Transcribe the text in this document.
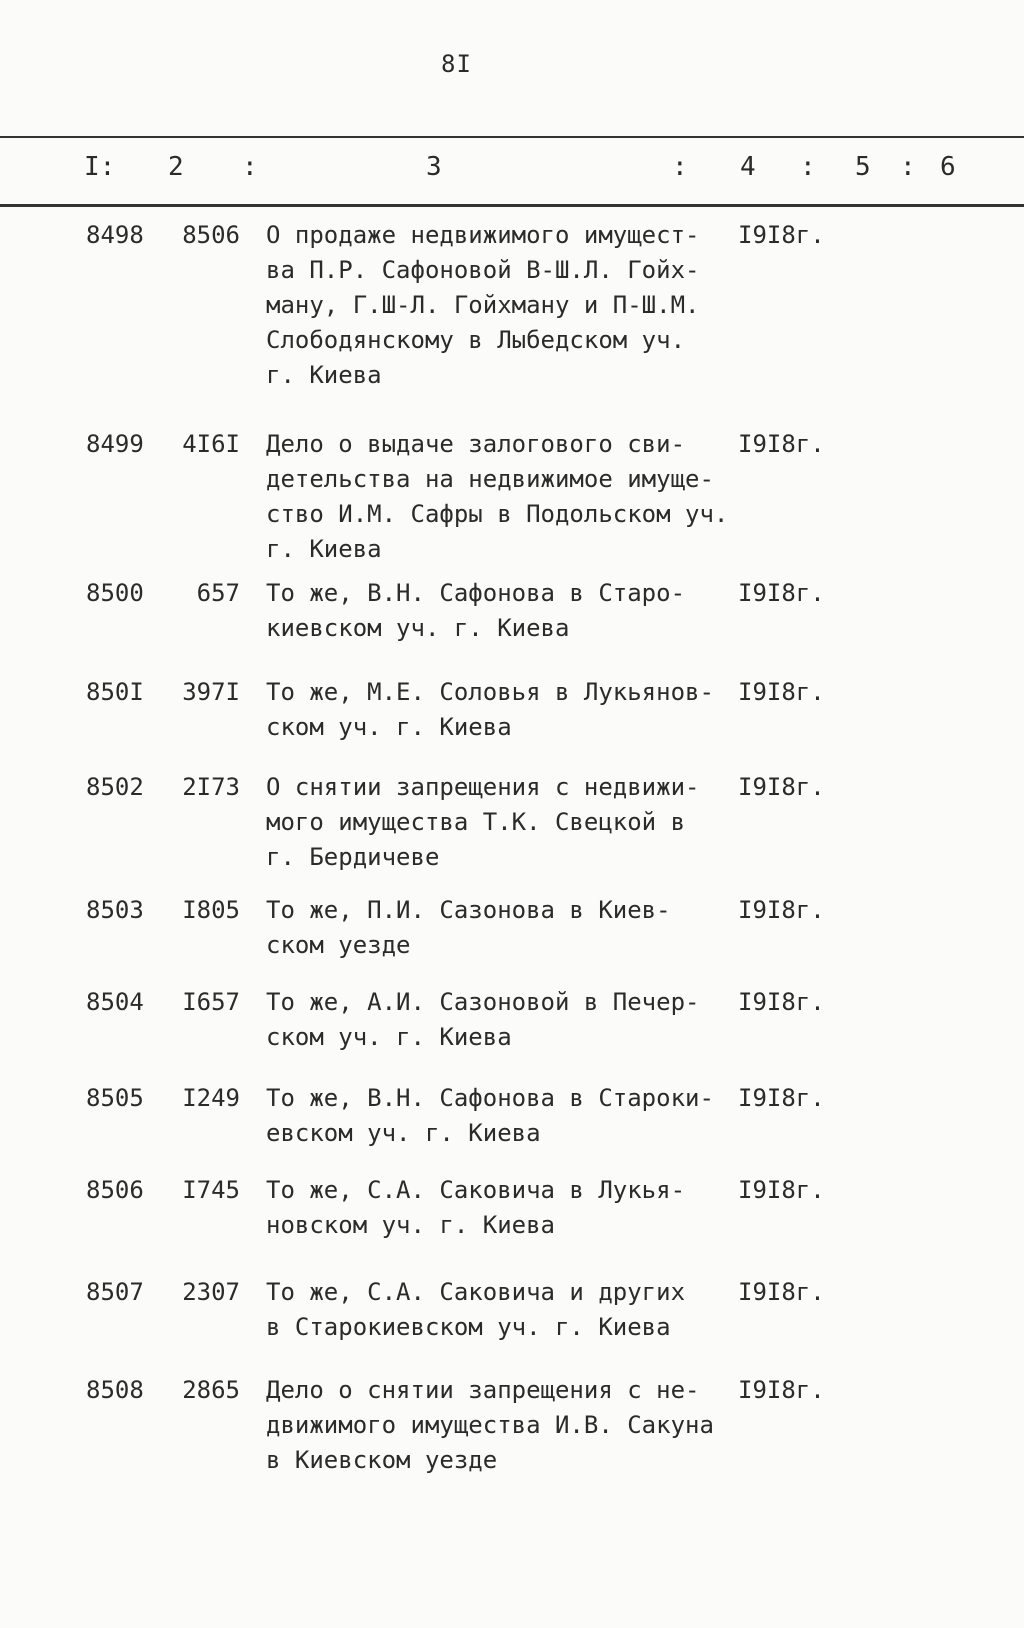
8I
I: 2 :	3	: 4 : 5 : 6
8498	8506 О продаже недвижимого имущест-
ва П.Р. Сафоновой В-Ш.Л. Гойх-
ману, Г.Ш-Л. Гойхману и П-Ш.М.
Слободянскому в Лыбедском уч.
г. Киева
I9I8г.
8499	4I6I Дело о выдаче залогового сви-
детельства на недвижимое имуще-
ство И.М. Сафры в Подольском уч.
г. Киева
I9I8г.
8500	657 То же, В.Н. Сафонова в Старо-
киевском уч. г. Киева
I9I8г.
850I	397I То же, М.Е. Соловья в Лукьянов-
ском уч. г. Киева
I9I8г.
8502	2I73 О снятии запрещения с недвижи-
мого имущества Т.К. Свецкой в
г. Бердичеве
I9I8г.
8503	I805 То же, П.И. Сазонова в Киев-
ском уезде
I9I8г.
8504	I657 То же, А.И. Сазоновой в Печер-
ском уч. г. Киева
I9I8г.
8505	I249 То же, В.Н. Сафонова в Староки-
евском уч. г. Киева
I9I8г.
8506	I745 То же, С.А. Саковича в Лукья-
новском уч. г. Киева
I9I8г.
8507	2307 То же, С.А. Саковича и других
в Старокиевском уч. г. Киева
I9I8г.
8508	2865 Дело о снятии запрещения с не-
движимого имущества И.В. Сакуна
в Киевском уезде
I9I8г.
